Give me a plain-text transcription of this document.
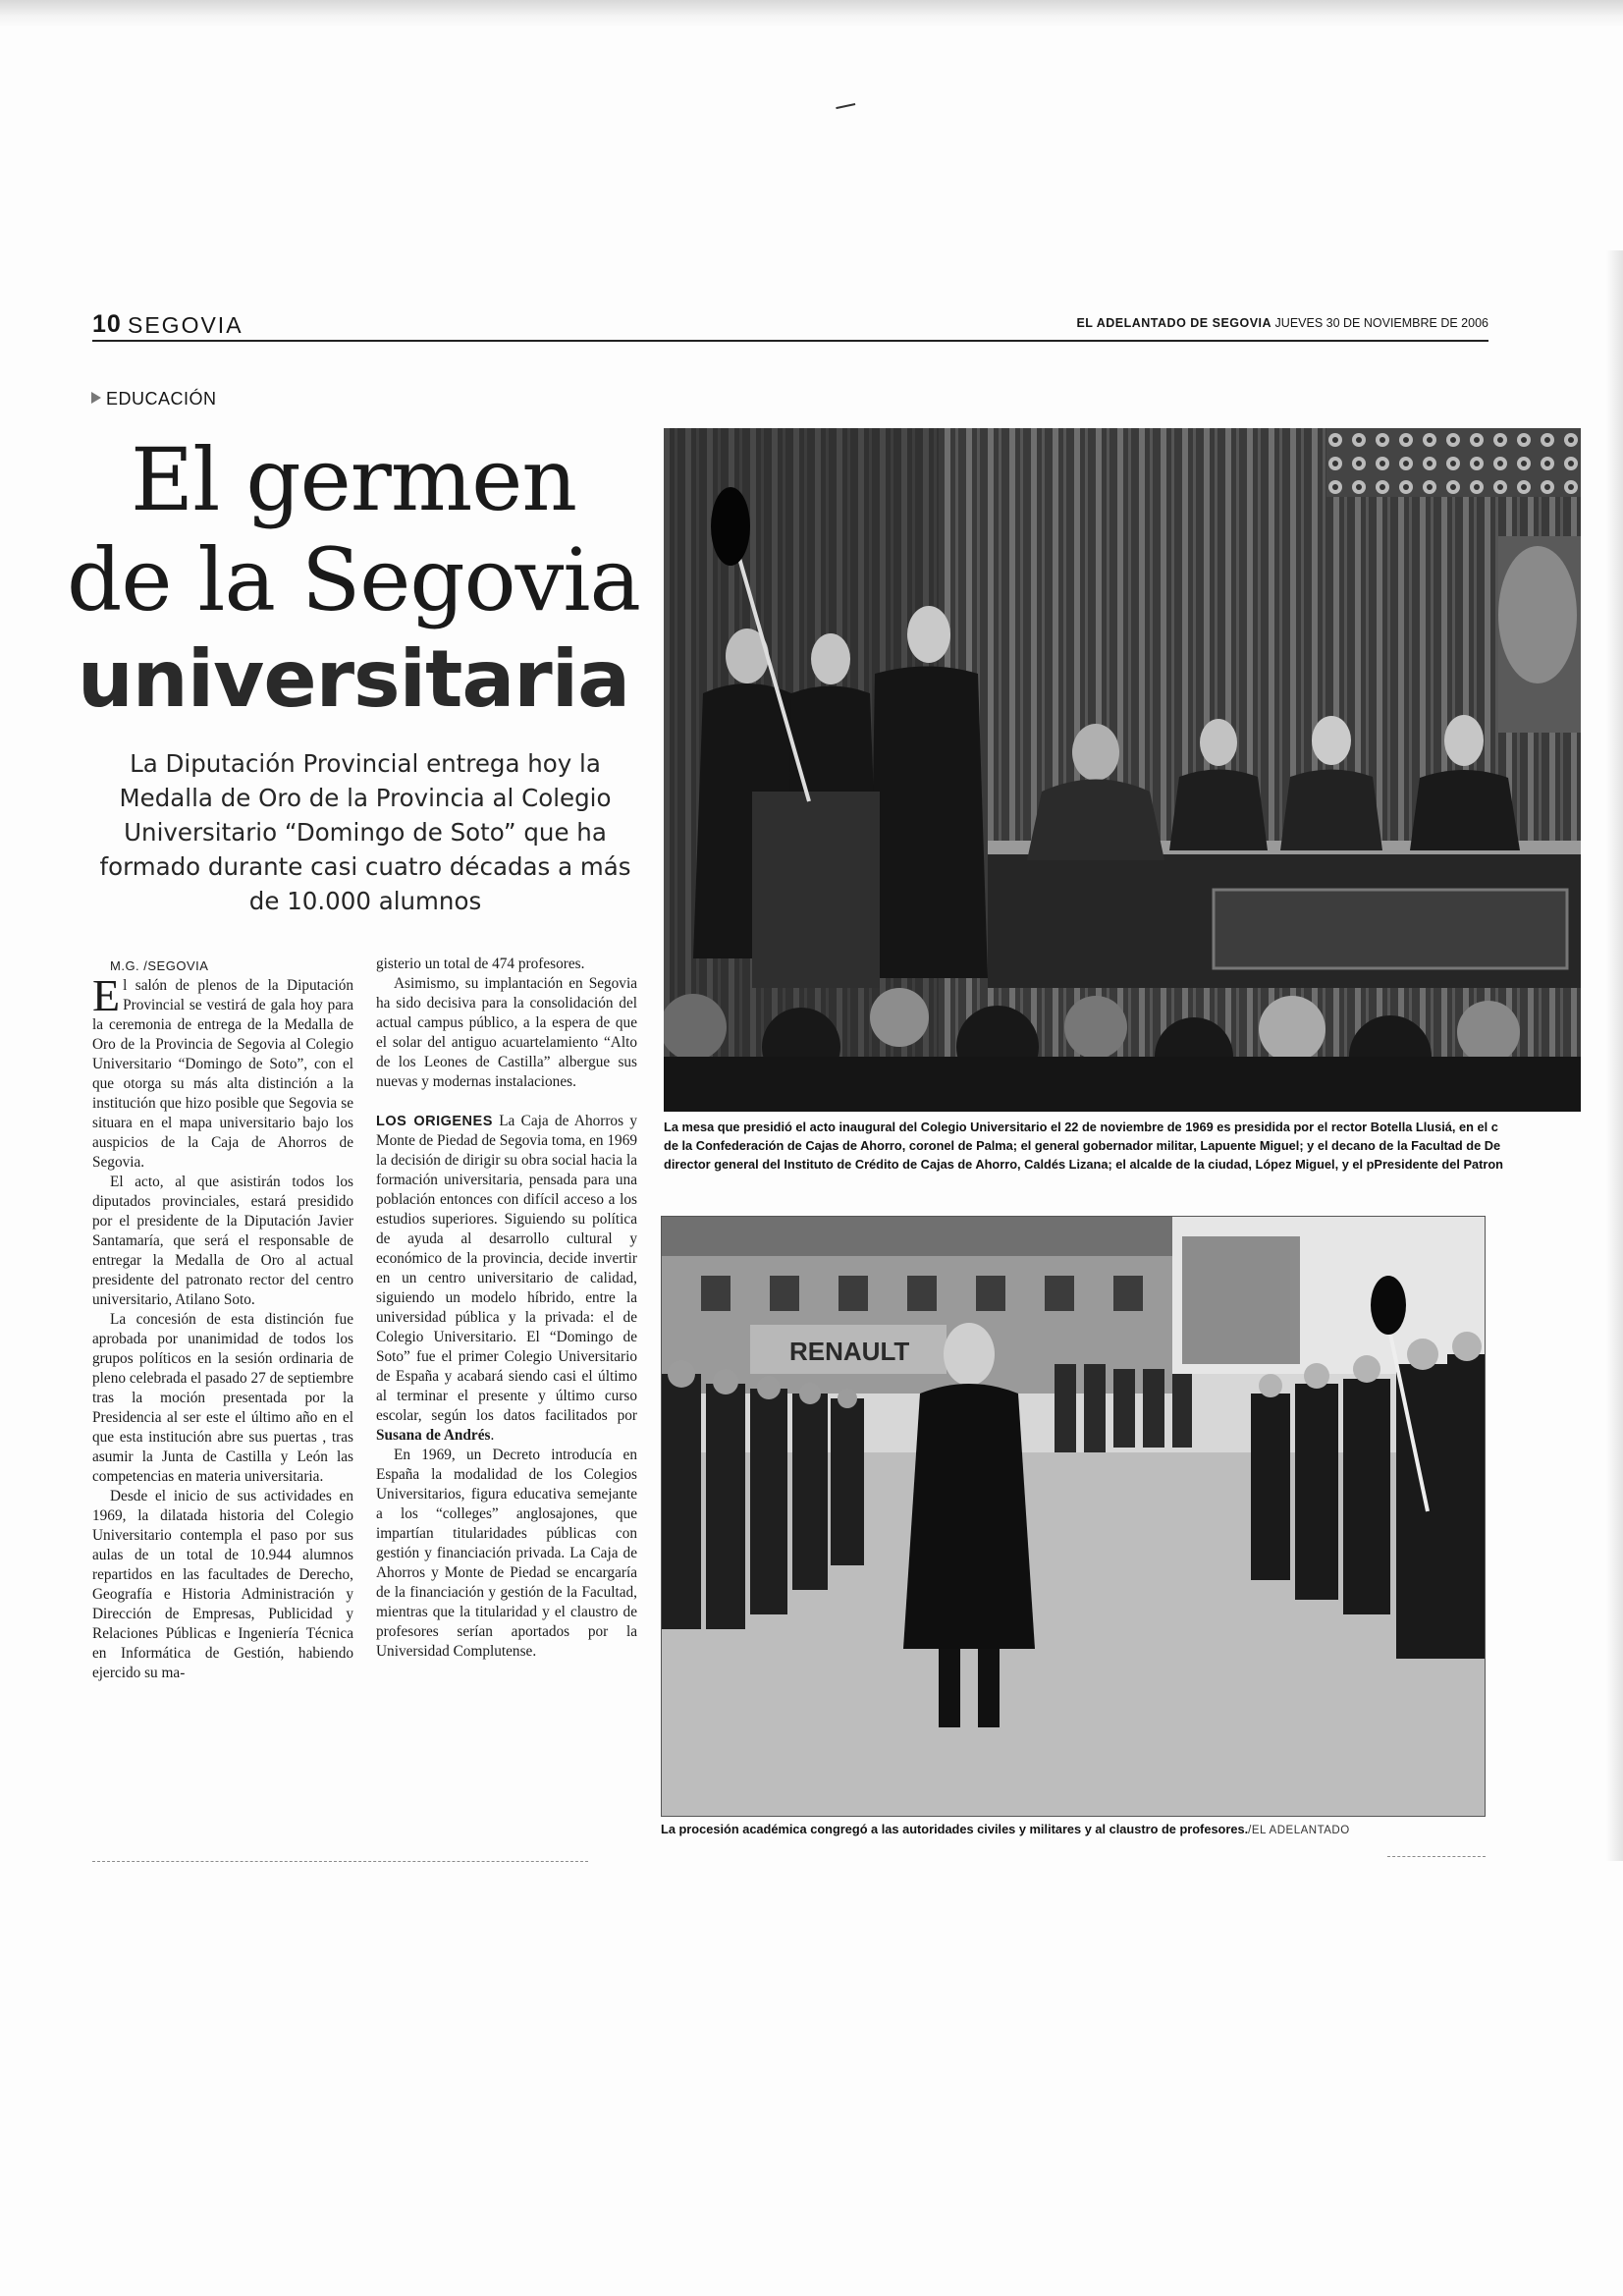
10 SEGOVIA	EL ADELANTADO DE SEGOVIA JUEVES 30 DE NOVIEMBRE DE 2006
EDUCACIÓN
El germen
de la Segovia
universitaria
La Diputación Provincial entrega hoy la Medalla de Oro de la Provincia al Colegio Universitario “Domingo de Soto” que ha formado durante casi cuatro décadas a más de 10.000 alumnos

M.G. /SEGOVIA

El salón de plenos de la Diputación Provincial se vestirá de gala hoy para la ceremonia de entrega de la Medalla de Oro de la Provincia de Segovia al Colegio Universitario “Domingo de Soto”, con el que otorga su más alta distinción a la institución que hizo posible que Segovia se situara en el mapa universitario bajo los auspicios de la Caja de Ahorros de Segovia.

El acto, al que asistirán todos los diputados provinciales, estará presidido por el presidente de la Diputación Javier Santamaría, que será el responsable de entregar la Medalla de Oro al actual presidente del patronato rector del centro universitario, Atilano Soto.

La concesión de esta distinción fue aprobada por unanimidad de todos los grupos políticos en la sesión ordinaria de pleno celebrada el pasado 27 de septiembre tras la moción presentada por la Presidencia al ser este el último año en el que esta institución abre sus puertas , tras asumir la Junta de Castilla y León las competencias en materia universitaria.

Desde el inicio de sus actividades en 1969, la dilatada historia del Colegio Universitario contempla el paso por sus aulas de un total de 10.944 alumnos repartidos en las facultades de Derecho, Geografía e Historia Administración y Dirección de Empresas, Publicidad y Relaciones Públicas e Ingeniería Técnica en Informática de Gestión, habiendo ejercido su ma-

gisterio un total de 474 profesores.

Asimismo, su implantación en Segovia ha sido decisiva para la consolidación del actual campus público, a la espera de que el solar del antiguo acuartelamiento “Alto de los Leones de Castilla” albergue sus nuevas y modernas instalaciones.

LOS ORIGENES La Caja de Ahorros y Monte de Piedad de Segovia toma, en 1969 la decisión de dirigir su obra social hacia la formación universitaria, pensada para una población entonces con difícil acceso a los estudios superiores. Siguiendo su política de ayuda al desarrollo cultural y económico de la provincia, decide invertir en un centro universitario de calidad, siguiendo un modelo híbrido, entre la universidad pública y la privada: el de Colegio Universitario. El “Domingo de Soto” fue el primer Colegio Universitario de España y acabará siendo casi el último al terminar el presente y último curso escolar, según los datos facilitados por Susana de Andrés.

En 1969, un Decreto introducía en España la modalidad de los Colegios Universitarios, figura educativa semejante a los “colleges” anglosajones, que impartían titularidades públicas con gestión y financiación privada. La Caja de Ahorros y Monte de Piedad se encargaría de la financiación y gestión de la Facultad, mientras que la titularidad y el claustro de profesores serían aportados por la Universidad Complutense.

La mesa que presidió el acto inaugural del Colegio Universitario el 22 de noviembre de 1969 es presidida por el rector Botella Llusiá, en el c
de la Confederación de Cajas de Ahorro, coronel de Palma; el general gobernador militar, Lapuente Miguel; y el decano de la Facultad de De
director general del Instituto de Crédito de Cajas de Ahorro, Caldés Lizana; el alcalde de la ciudad, López Miguel, y el pPresidente del Patron
RENAULT
La procesión académica congregó a las autoridades civiles y militares y al claustro de profesores./EL ADELANTADO
